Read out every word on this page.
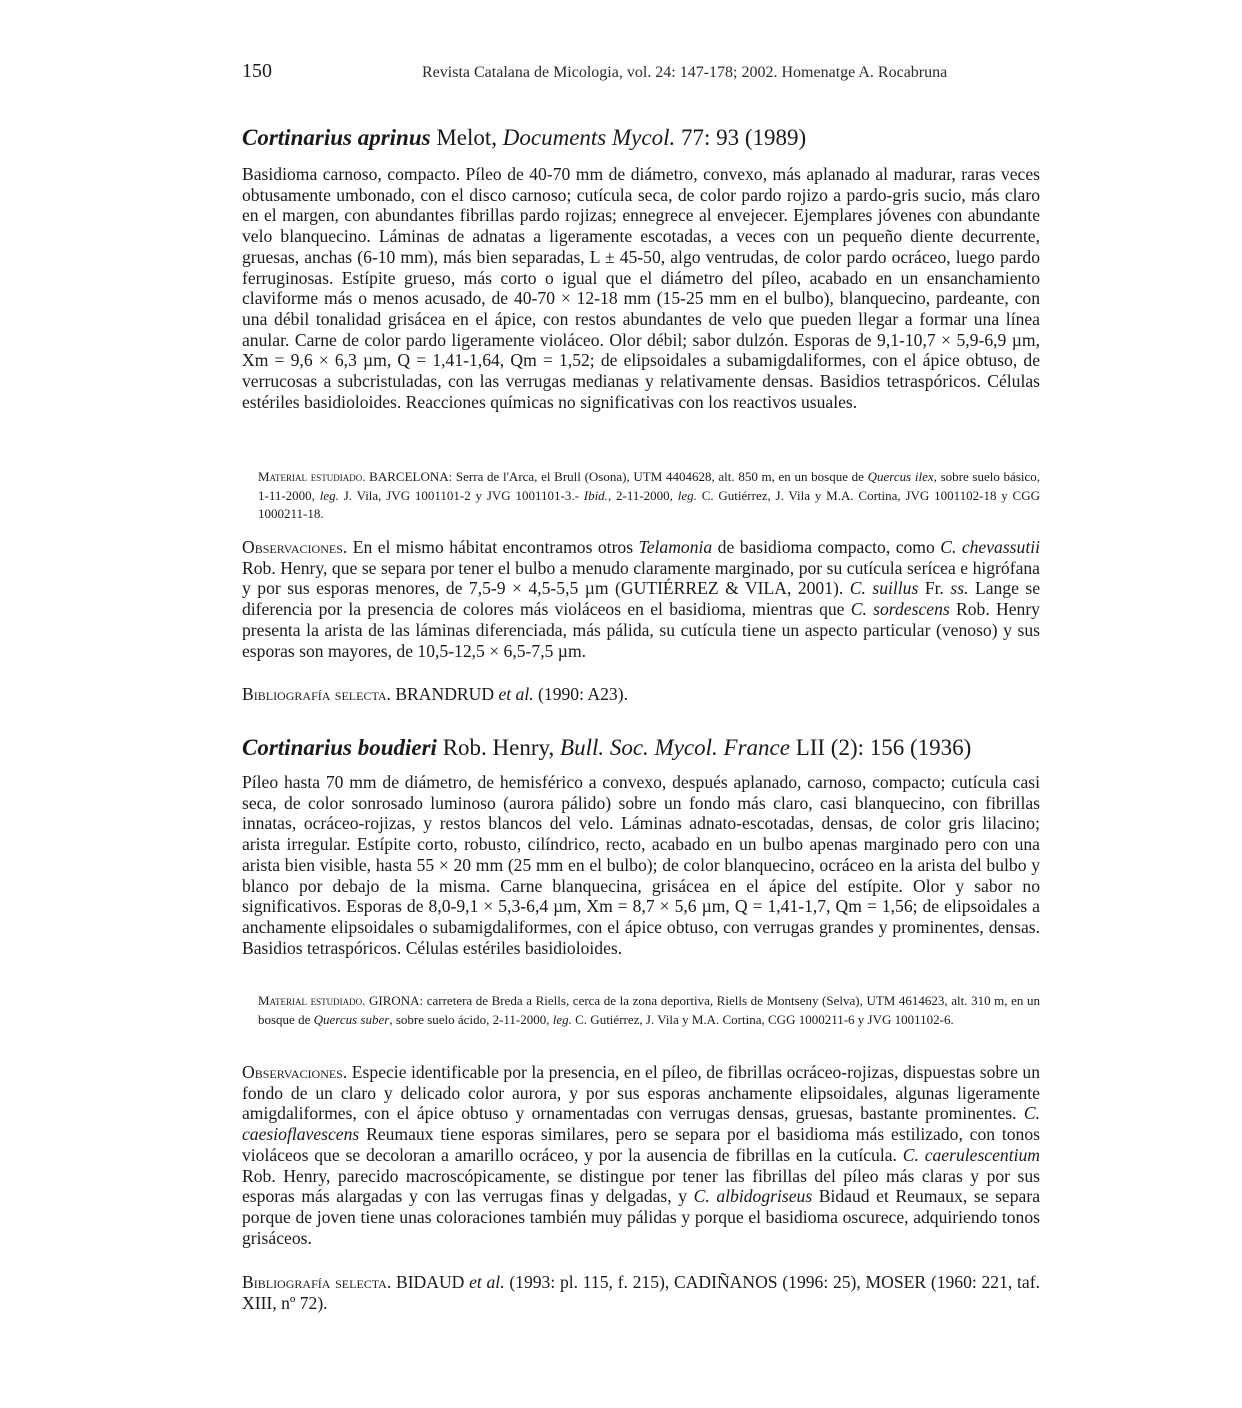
150	Revista Catalana de Micologia, vol. 24: 147-178; 2002. Homenatge A. Rocabruna

Cortinarius aprinus Melot, Documents Mycol. 77: 93 (1989)

Basidioma carnoso, compacto. Píleo de 40-70 mm de diámetro, convexo, más aplanado al madurar, raras veces obtusamente umbonado, con el disco carnoso; cutícula seca, de color pardo rojizo a pardo-gris sucio, más claro en el margen, con abundantes fibrillas pardo rojizas; ennegrece al envejecer. Ejemplares jóvenes con abundante velo blanquecino. Láminas de adnatas a ligeramente escotadas, a veces con un pequeño diente decurrente, gruesas, anchas (6-10 mm), más bien separadas, L ± 45-50, algo ventrudas, de color pardo ocráceo, luego pardo ferruginosas. Estípite grueso, más corto o igual que el diámetro del píleo, acabado en un ensanchamiento claviforme más o menos acusado, de 40-70 × 12-18 mm (15-25 mm en el bulbo), blanquecino, pardeante, con una débil tonalidad grisácea en el ápice, con restos abundantes de velo que pueden llegar a formar una línea anular. Carne de color pardo ligeramente violáceo. Olor débil; sabor dulzón. Esporas de 9,1-10,7 × 5,9-6,9 µm, Xm = 9,6 × 6,3 µm, Q = 1,41-1,64, Qm = 1,52; de elipsoidales a subamigdaliformes, con el ápice obtuso, de verrucosas a subcristuladas, con las verrugas medianas y relativamente densas. Basidios tetraspóricos. Células estériles basidioloides. Reacciones químicas no significativas con los reactivos usuales.

Material estudiado. BARCELONA: Serra de l'Arca, el Brull (Osona), UTM 4404628, alt. 850 m, en un bosque de Quercus ilex, sobre suelo básico, 1-11-2000, leg. J. Vila, JVG 1001101-2 y JVG 1001101-3.- Ibid., 2-11-2000, leg. C. Gutiérrez, J. Vila y M.A. Cortina, JVG 1001102-18 y CGG 1000211-18.

Observaciones. En el mismo hábitat encontramos otros Telamonia de basidioma compacto, como C. chevassutii Rob. Henry, que se separa por tener el bulbo a menudo claramente marginado, por su cutícula serícea e higrófana y por sus esporas menores, de 7,5-9 × 4,5-5,5 µm (GUTIÉRREZ & VILA, 2001). C. suillus Fr. ss. Lange se diferencia por la presencia de colores más violáceos en el basidioma, mientras que C. sordescens Rob. Henry presenta la arista de las láminas diferenciada, más pálida, su cutícula tiene un aspecto particular (venoso) y sus esporas son mayores, de 10,5-12,5 × 6,5-7,5 µm.

Bibliografía selecta. BRANDRUD et al. (1990: A23).

Cortinarius boudieri Rob. Henry, Bull. Soc. Mycol. France LII (2): 156 (1936)

Píleo hasta 70 mm de diámetro, de hemisférico a convexo, después aplanado, carnoso, compacto; cutícula casi seca, de color sonrosado luminoso (aurora pálido) sobre un fondo más claro, casi blanquecino, con fibrillas innatas, ocráceo-rojizas, y restos blancos del velo. Láminas adnato-escotadas, densas, de color gris lilacino; arista irregular. Estípite corto, robusto, cilíndrico, recto, acabado en un bulbo apenas marginado pero con una arista bien visible, hasta 55 × 20 mm (25 mm en el bulbo); de color blanquecino, ocráceo en la arista del bulbo y blanco por debajo de la misma. Carne blanquecina, grisácea en el ápice del estípite. Olor y sabor no significativos. Esporas de 8,0-9,1 × 5,3-6,4 µm, Xm = 8,7 × 5,6 µm, Q = 1,41-1,7, Qm = 1,56; de elipsoidales a anchamente elipsoidales o subamigdaliformes, con el ápice obtuso, con verrugas grandes y prominentes, densas. Basidios tetraspóricos. Células estériles basidioloides.

Material estudiado. GIRONA: carretera de Breda a Riells, cerca de la zona deportiva, Riells de Montseny (Selva), UTM 4614623, alt. 310 m, en un bosque de Quercus suber, sobre suelo ácido, 2-11-2000, leg. C. Gutiérrez, J. Vila y M.A. Cortina, CGG 1000211-6 y JVG 1001102-6.

Observaciones. Especie identificable por la presencia, en el píleo, de fibrillas ocráceo-rojizas, dispuestas sobre un fondo de un claro y delicado color aurora, y por sus esporas anchamente elipsoidales, algunas ligeramente amigdaliformes, con el ápice obtuso y ornamentadas con verrugas densas, gruesas, bastante prominentes. C. caesioflavescens Reumaux tiene esporas similares, pero se separa por el basidioma más estilizado, con tonos violáceos que se decoloran a amarillo ocráceo, y por la ausencia de fibrillas en la cutícula. C. caerulescentium Rob. Henry, parecido macroscópicamente, se distingue por tener las fibrillas del píleo más claras y por sus esporas más alargadas y con las verrugas finas y delgadas, y C. albidogriseus Bidaud et Reumaux, se separa porque de joven tiene unas coloraciones también muy pálidas y porque el basidioma oscurece, adquiriendo tonos grisáceos.

Bibliografía selecta. BIDAUD et al. (1993: pl. 115, f. 215), CADIÑANOS (1996: 25), MOSER (1960: 221, taf. XIII, nº 72).
